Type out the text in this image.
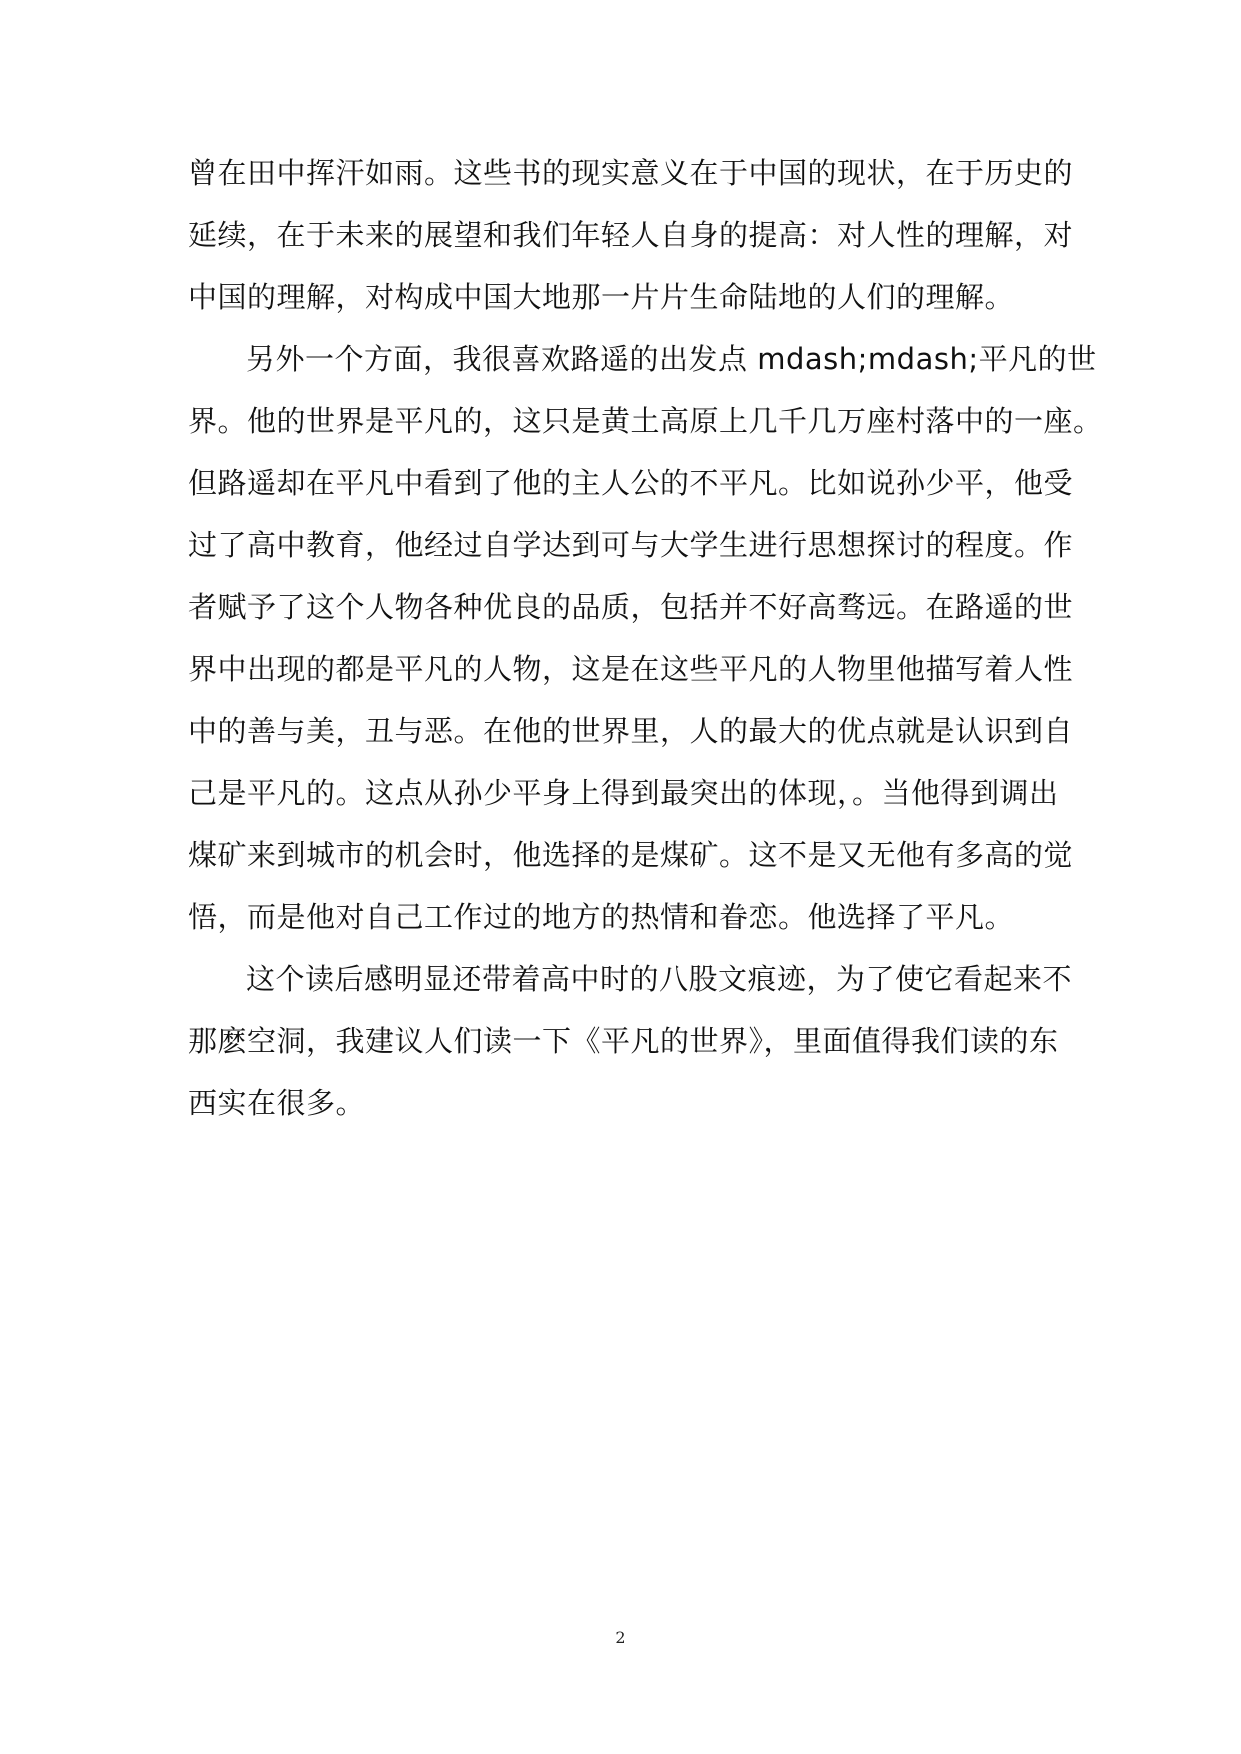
曾在田中挥汗如雨。这些书的现实意义在于中国的现状，在于历史的
延续，在于未来的展望和我们年轻人自身的提高：对人性的理解，对
中国的理解，对构成中国大地那一片片生命陆地的人们的理解。
另外一个方面，我很喜欢路遥的出发点 mdash;mdash;平凡的世
界。他的世界是平凡的，这只是黄土高原上几千几万座村落中的一座。
但路遥却在平凡中看到了他的主人公的不平凡。比如说孙少平，他受
过了高中教育，他经过自学达到可与大学生进行思想探讨的程度。作
者赋予了这个人物各种优良的品质，包括并不好高骛远。在路遥的世
界中出现的都是平凡的人物，这是在这些平凡的人物里他描写着人性
中的善与美，丑与恶。在他的世界里，人的最大的优点就是认识到自
己是平凡的。这点从孙少平身上得到最突出的体现，。当他得到调出
煤矿来到城市的机会时，他选择的是煤矿。这不是又无他有多高的觉
悟，而是他对自己工作过的地方的热情和眷恋。他选择了平凡。
这个读后感明显还带着高中时的八股文痕迹，为了使它看起来不
那麽空洞，我建议人们读一下《平凡的世界》，里面值得我们读的东
西实在很多。
2
